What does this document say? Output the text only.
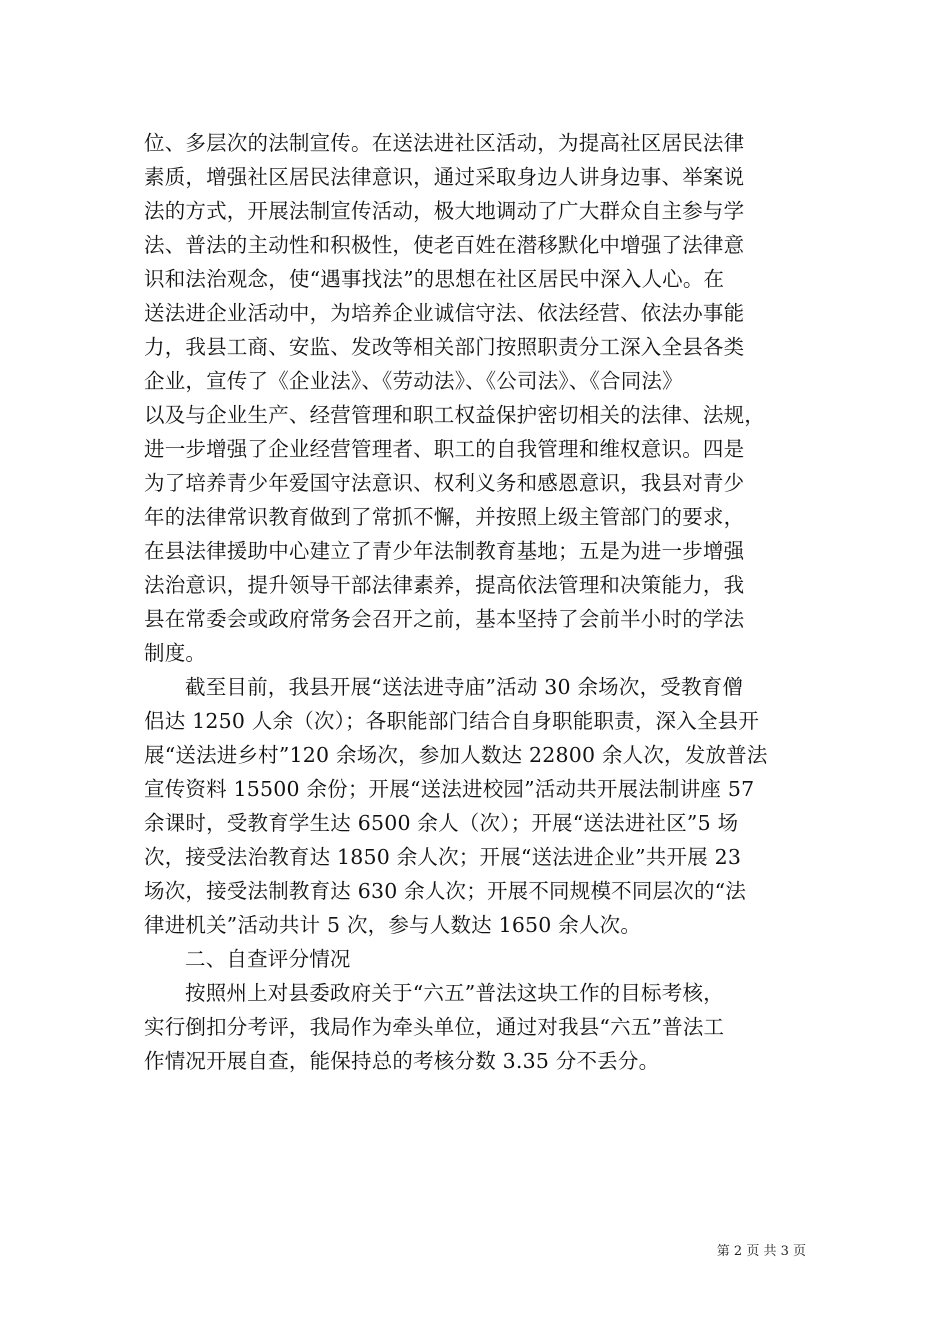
位、多层次的法制宣传。在送法进社区活动，为提高社区居民法律
素质，增强社区居民法律意识，通过采取身边人讲身边事、举案说
法的方式，开展法制宣传活动，极大地调动了广大群众自主参与学
法、普法的主动性和积极性，使老百姓在潜移默化中增强了法律意
识和法治观念，使“遇事找法”的思想在社区居民中深入人心。在
送法进企业活动中，为培养企业诚信守法、依法经营、依法办事能
力，我县工商、安监、发改等相关部门按照职责分工深入全县各类
企业，宣传了《企业法》、《劳动法》、《公司法》、《合同法》
以及与企业生产、经营管理和职工权益保护密切相关的法律、法规，
进一步增强了企业经营管理者、职工的自我管理和维权意识。四是
为了培养青少年爱国守法意识、权利义务和感恩意识，我县对青少
年的法律常识教育做到了常抓不懈，并按照上级主管部门的要求，
在县法律援助中心建立了青少年法制教育基地；五是为进一步增强
法治意识，提升领导干部法律素养，提高依法管理和决策能力，我
县在常委会或政府常务会召开之前，基本坚持了会前半小时的学法
制度。
截至目前，我县开展“送法进寺庙”活动 30 余场次，受教育僧
侣达 1250 人余（次）；各职能部门结合自身职能职责，深入全县开
展“送法进乡村”120 余场次，参加人数达 22800 余人次，发放普法
宣传资料 15500 余份；开展“送法进校园”活动共开展法制讲座 57
余课时，受教育学生达 6500 余人（次）；开展“送法进社区”5 场
次，接受法治教育达 1850 余人次；开展“送法进企业”共开展 23
场次，接受法制教育达 630 余人次；开展不同规模不同层次的“法
律进机关”活动共计 5 次，参与人数达 1650 余人次。
二、自查评分情况
按照州上对县委政府关于“六五”普法这块工作的目标考核，
实行倒扣分考评，我局作为牵头单位，通过对我县“六五”普法工
作情况开展自查，能保持总的考核分数 3.35 分不丢分。
第 2 页 共 3 页
